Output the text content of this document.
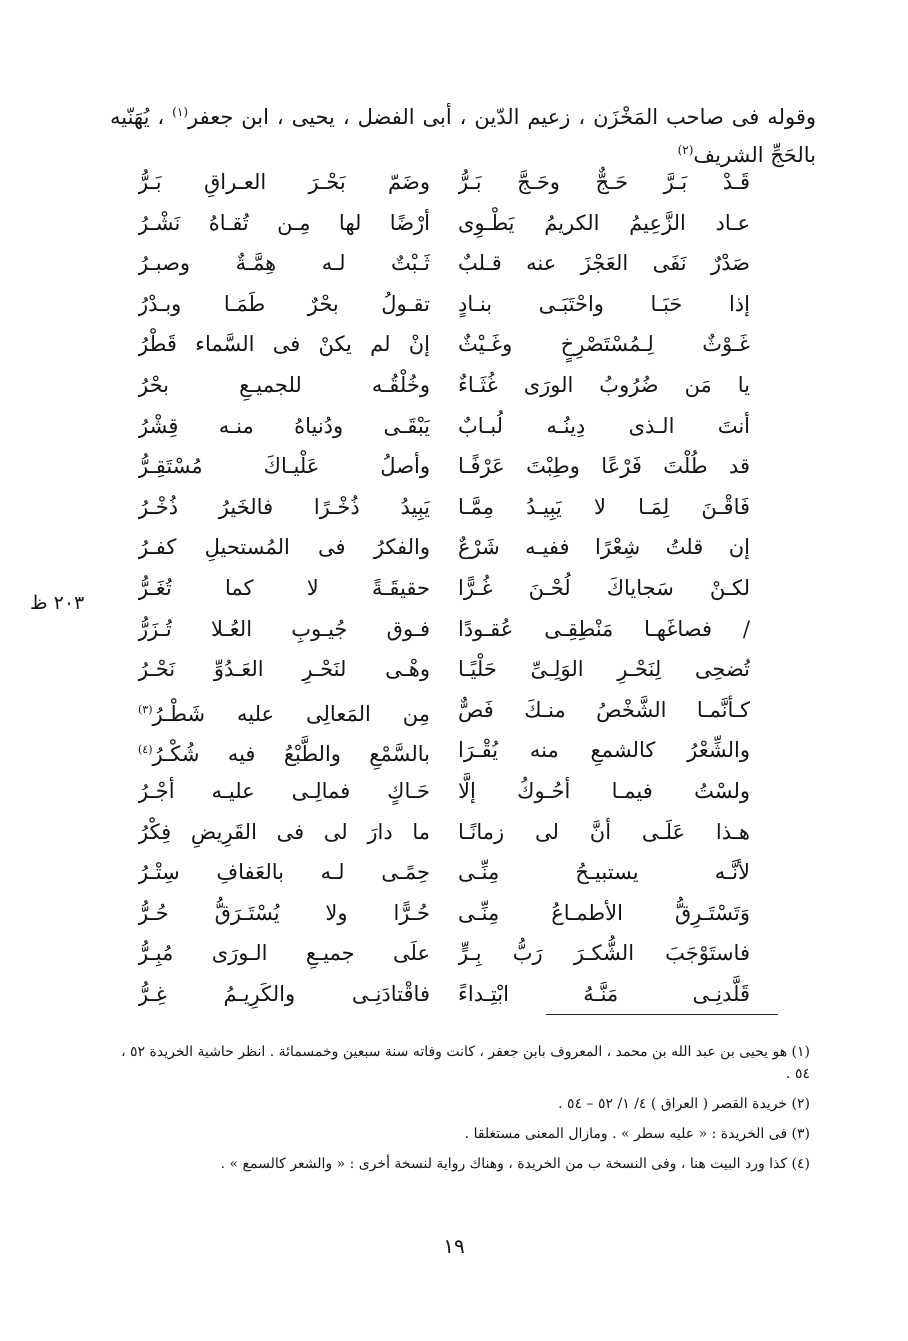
وقوله فى صاحب المَخْزَن ، زعيم الدّين ، أبى الفضل ، يحيى ، ابن جعفر$^{(١)}$ ، يُهَنّيه بالحَجِّ الشريف$^{(٢)}$
٢٠٣ ظ
قَـدْ بَـرَّ حَـجٌّ وحَـجَّ بَـرُّ
وضَمّ بَحْـرَ العـراقِ بَـرُّ
عـاد الزَّعِيمُ الكريمُ يَطْـوِى
أرْضًا لها مِـن تُقـاهُ نَشْـرُ
صَدْرٌ نَفَى العَجْزَ عنه قـلبٌ
ثَـبْتٌ لـه هِمَّـةٌ وصبـرُ
إذا حَبَـا واحْتَبَـى بنـادٍ
تقـولُ بحْرٌ طَمَـا وبـدْرُ
غَـوْثٌ لِـمُسْتَصْرِخٍ وغَـيْثٌ
إنْ لم يكنْ فى السَّماء قَطْرُ
يا مَن ضُرُوبُ الورَى غُثَـاءٌ
وخُلْقُـه للجميـعِ بحْرُ
أنتَ الـذى دِينُـه لُبـابٌ
يَبْقَـى ودُنياهُ منـه قِشْرُ
قد طُلْتَ فَرْعًا وطِبْتَ عَرْفًـا
وأصلُ عَلْيـاكَ مُسْتَقِـرُّ
فَاقْـنَ لِمَـا لا يَبِيـدُ مِمَّـا
يَبِيدُ ذُخْـرًا فالخَيرُ ذُخْـرُ
إن قلتُ شِعْرًا ففيـه شَرْعٌ
والفكرُ فى المُستحيلِ كفـرُ
لكـنْ سَجاياكَ لُحْـنَ غُـرًّا
حقيقَـةً لا كما تُغَـرُّ
/ فصاغَهـا مَنْطِقِـى عُقـودًا
فـوق جُيـوبِ العُـلا تُـزَرُّ
تُضحِى لِنَحْـرِ الوَلِـىِّ حَلْيًـا
وهْـى لنَحْـرِ العَـدُوِّ نَحْـرُ
كـأنَّمـا الشَّخْصُ منـكَ فَصٌّ
مِن المَعالِى عليه شَطْـرُ$^{(٣)}$
والشِّعْرُ كالشمعِ منه يُقْـرَا
بالسَّمْعِ والطَّبْعُ فيه شُكْـرُ$^{(٤)}$
ولسْتُ فيمـا أحُـوكُ إلَّا
حَـاكٍ فمالِـى عليـه أجْـرُ
هـذا عَلَـى أنَّ لى زمانًـا
ما دارَ لى فى القَرِيضِ فِكْرُ
لأنَّـه يستبيـحُ مِنِّـى
حِمًـى لـه بالعَفافِ سِتْـرُ
وَتَسْتَـرِقُّ الأطمـاعُ مِنِّـى
حُـرًّا ولا يُسْتَـرَقُّ حُـرُّ
فاستَوْجَبَ الشُّكـرَ رَبُّ بِـرٍّ
علَى جميـعِ الـورَى مُبِـرُّ
قَلَّدنِـى مَنَّـهُ ابْتِـداءً
فاقْتادَنِـى والكَرِيـمُ غِـرُّ
(١) هو يحيى بن عبد الله بن محمد ، المعروف بابن جعفر ، كانت وفاته سنة سبعين وخمسمائة . انظر حاشية الخريدة ٥٢ ، ٥٤ .
(٢) خريدة القصر ( العراق ) ٤/ ١/ ٥٢ – ٥٤ .
(٣) فى الخريدة : « عليه سطر » . ومازال المعنى مستغلقا .
(٤) كذا ورد البيت هنا ، وفى النسخة ب من الخريدة ، وهناك رواية لنسخة أخرى : « والشعر كالسمع » .
١٩
